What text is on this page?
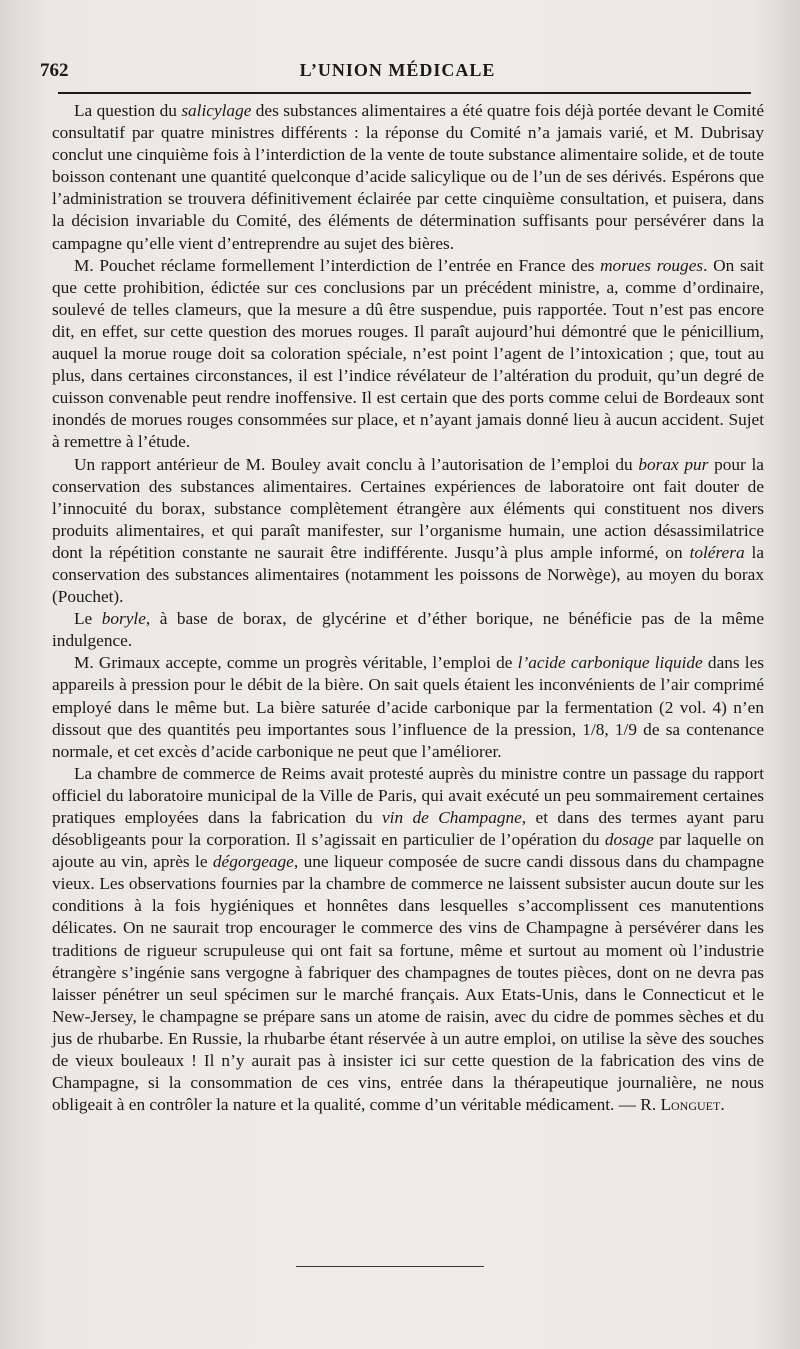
762	L’UNION MÉDICALE

La question du salicylage des substances alimentaires a été quatre fois déjà portée devant le Comité consultatif par quatre ministres différents : la réponse du Comité n’a jamais varié, et M. Dubrisay conclut une cinquième fois à l’interdiction de la vente de toute substance alimentaire solide, et de toute boisson contenant une quantité quelconque d’acide salicylique ou de l’un de ses dérivés. Espérons que l’administration se trouvera définitivement éclairée par cette cinquième consultation, et puisera, dans la décision invariable du Comité, des éléments de détermination suffisants pour persévérer dans la campagne qu’elle vient d’entreprendre au sujet des bières.

M. Pouchet réclame formellement l’interdiction de l’entrée en France des morues rouges. On sait que cette prohibition, édictée sur ces conclusions par un précédent ministre, a, comme d’ordinaire, soulevé de telles clameurs, que la mesure a dû être suspendue, puis rapportée. Tout n’est pas encore dit, en effet, sur cette question des morues rouges. Il paraît aujourd’hui démontré que le pénicillium, auquel la morue rouge doit sa coloration spéciale, n’est point l’agent de l’intoxication ; que, tout au plus, dans certaines circonstances, il est l’indice révélateur de l’altération du produit, qu’un degré de cuisson convenable peut rendre inoffensive. Il est certain que des ports comme celui de Bordeaux sont inondés de morues rouges consommées sur place, et n’ayant jamais donné lieu à aucun accident. Sujet à remettre à l’étude.

Un rapport antérieur de M. Bouley avait conclu à l’autorisation de l’emploi du borax pur pour la conservation des substances alimentaires. Certaines expériences de laboratoire ont fait douter de l’innocuité du borax, substance complètement étrangère aux éléments qui constituent nos divers produits alimentaires, et qui paraît manifester, sur l’organisme humain, une action désassimilatrice dont la répétition constante ne saurait être indifférente. Jusqu’à plus ample informé, on tolérera la conservation des substances alimentaires (notamment les poissons de Norwège), au moyen du borax (Pouchet).

Le boryle, à base de borax, de glycérine et d’éther borique, ne bénéficie pas de la même indulgence.

M. Grimaux accepte, comme un progrès véritable, l’emploi de l’acide carbonique liquide dans les appareils à pression pour le débit de la bière. On sait quels étaient les inconvénients de l’air comprimé employé dans le même but. La bière saturée d’acide carbonique par la fermentation (2 vol. 4) n’en dissout que des quantités peu importantes sous l’influence de la pression, 1/8, 1/9 de sa contenance normale, et cet excès d’acide carbonique ne peut que l’améliorer.

La chambre de commerce de Reims avait protesté auprès du ministre contre un passage du rapport officiel du laboratoire municipal de la Ville de Paris, qui avait exécuté un peu sommairement certaines pratiques employées dans la fabrication du vin de Champagne, et dans des termes ayant paru désobligeants pour la corporation. Il s’agissait en particulier de l’opération du dosage par laquelle on ajoute au vin, après le dégorgeage, une liqueur composée de sucre candi dissous dans du champagne vieux. Les observations fournies par la chambre de commerce ne laissent subsister aucun doute sur les conditions à la fois hygiéniques et honnêtes dans lesquelles s’accomplissent ces manutentions délicates. On ne saurait trop encourager le commerce des vins de Champagne à persévérer dans les traditions de rigueur scrupuleuse qui ont fait sa fortune, même et surtout au moment où l’industrie étrangère s’ingénie sans vergogne à fabriquer des champagnes de toutes pièces, dont on ne devra pas laisser pénétrer un seul spécimen sur le marché français. Aux Etats-Unis, dans le Connecticut et le New-Jersey, le champagne se prépare sans un atome de raisin, avec du cidre de pommes sèches et du jus de rhubarbe. En Russie, la rhubarbe étant réservée à un autre emploi, on utilise la sève des souches de vieux bouleaux ! Il n’y aurait pas à insister ici sur cette question de la fabrication des vins de Champagne, si la consommation de ces vins, entrée dans la thérapeutique journalière, ne nous obligeait à en contrôler la nature et la qualité, comme d’un véritable médicament. — R. Longuet.
